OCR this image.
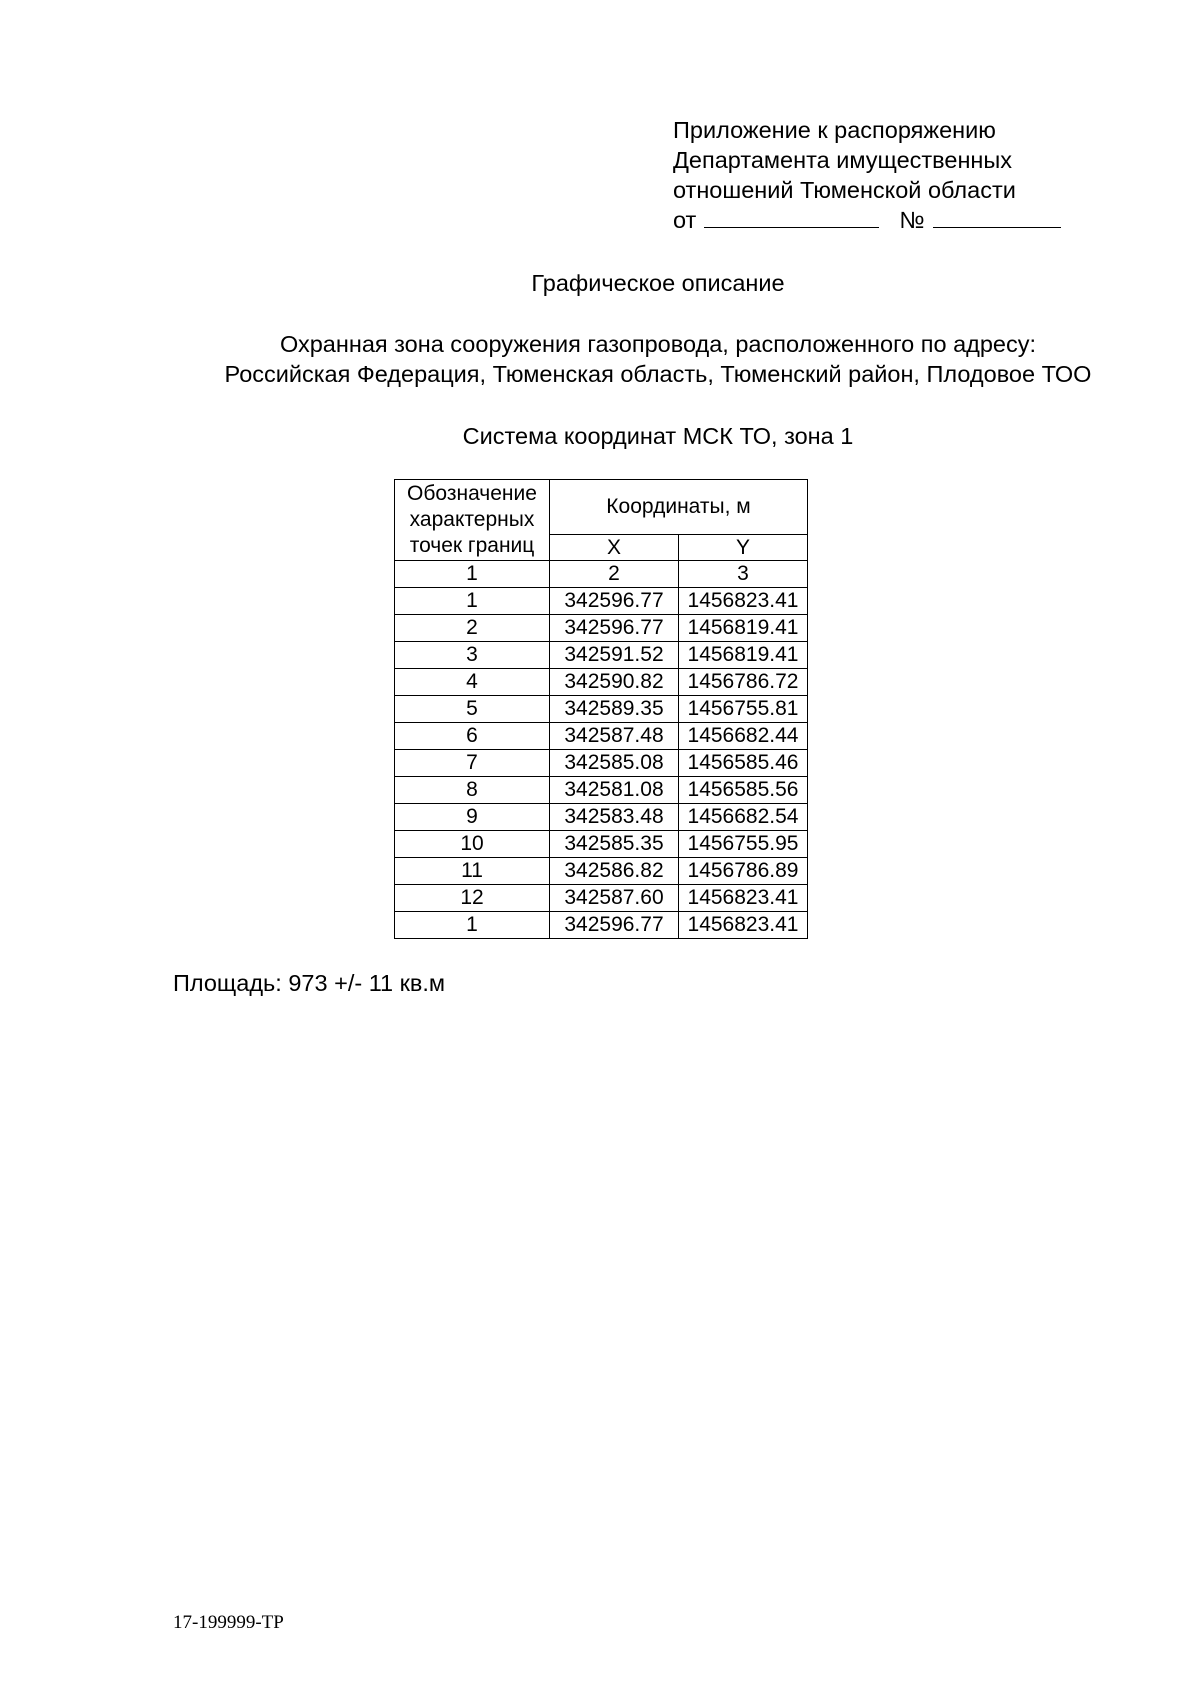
Приложение к распоряжению
Департамента имущественных
отношений Тюменской области
от	№
Графическое описание
Охранная зона сооружения газопровода, расположенного по адресу:
Российская Федерация, Тюменская область, Тюменский район, Плодовое ТОО
Система координат МСК ТО, зона 1
Обозначение характерных точек границ	Координаты, м	
	X	Y
1	2	3
1	342596.77	1456823.41
2	342596.77	1456819.41
3	342591.52	1456819.41
4	342590.82	1456786.72
5	342589.35	1456755.81
6	342587.48	1456682.44
7	342585.08	1456585.46
8	342581.08	1456585.56
9	342583.48	1456682.54
10	342585.35	1456755.95
11	342586.82	1456786.89
12	342587.60	1456823.41
1	342596.77	1456823.41
Площадь: 973 +/- 11 кв.м
17-199999-ТР
